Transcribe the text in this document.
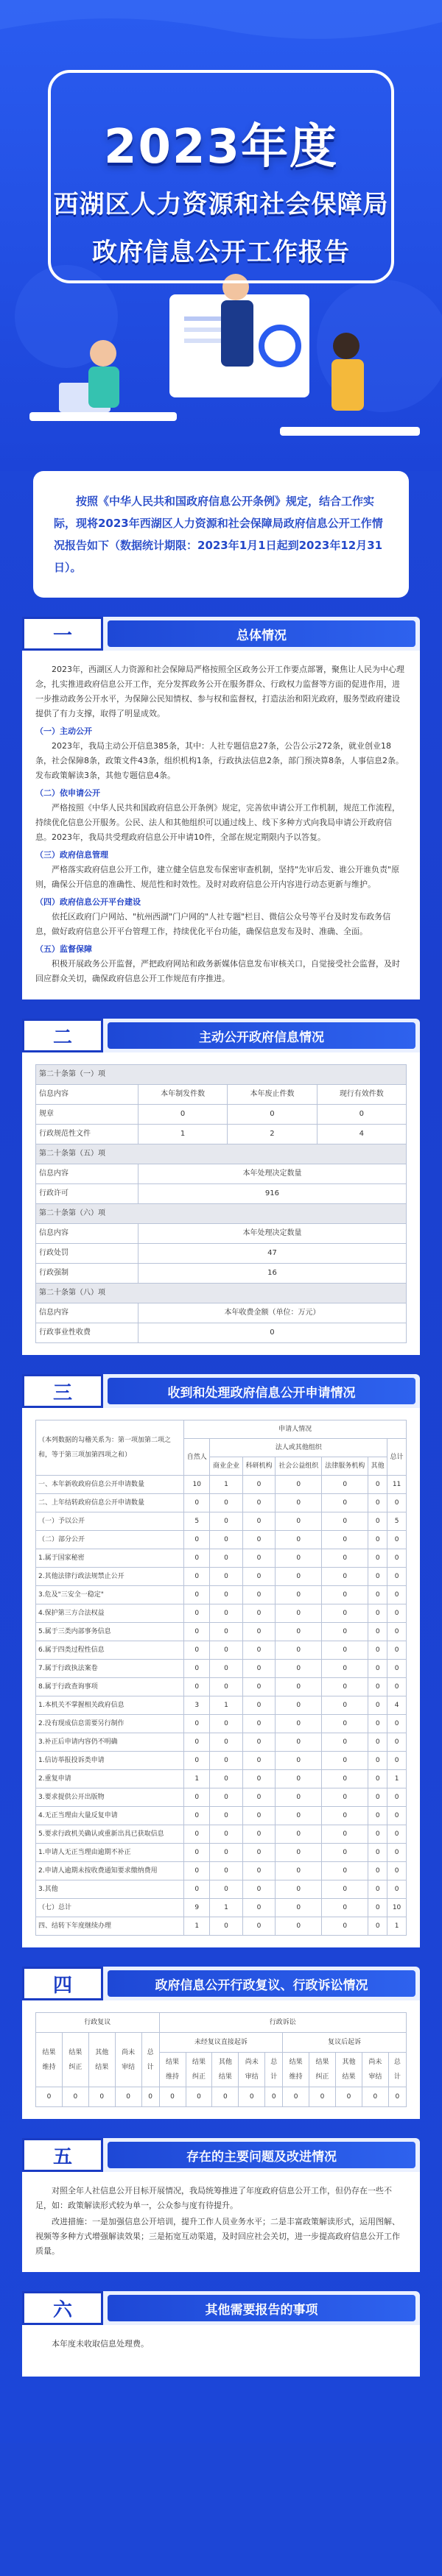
2023年度
西湖区人力资源和社会保障局
政府信息公开工作报告
按照《中华人民共和国政府信息公开条例》规定，结合工作实际，现将2023年西湖区人力资源和社会保障局政府信息公开工作情况报告如下（数据统计期限：2023年1月1日起到2023年12月31日）。
一	总体情况

2023年，西湖区人力资源和社会保障局严格按照全区政务公开工作要点部署，聚焦让人民为中心理念，扎实推进政府信息公开工作，充分发挥政务公开在服务群众、行政权力监督等方面的促进作用，进一步推动政务公开水平，为保障公民知情权、参与权和监督权，打造法治和阳光政府，服务型政府建设提供了有力支撑，取得了明显成效。

（一）主动公开

2023年，我局主动公开信息385条，其中：人社专题信息27条，公告公示272条，就业创业18条，社会保障8条，政策文件43条，组织机构1条，行政执法信息2条，部门预决算8条，人事信息2条。发布政策解读3条，其他专题信息4条。

（二）依申请公开

严格按照《中华人民共和国政府信息公开条例》规定，完善依申请公开工作机制，规范工作流程，持续优化信息公开服务。公民、法人和其他组织可以通过线上、线下多种方式向我局申请公开政府信息。2023年，我局共受理政府信息公开申请10件，全部在规定期限内予以答复。

（三）政府信息管理

严格落实政府信息公开工作，建立健全信息发布保密审查机制，坚持"先审后发、谁公开谁负责"原则，确保公开信息的准确性、规范性和时效性。及时对政府信息公开内容进行动态更新与维护。

（四）政府信息公开平台建设

依托区政府门户网站、"杭州西湖"门户网的"人社专题"栏目、微信公众号等平台及时发布政务信息，做好政府信息公开平台管理工作，持续优化平台功能，确保信息发布及时、准确、全面。

（五）监督保障

积极开展政务公开监督，严把政府网站和政务新媒体信息发布审核关口，自觉接受社会监督，及时回应群众关切，确保政府信息公开工作规范有序推进。

二	主动公开政府信息情况
第二十条第（一）项			
信息内容	本年制发件数	本年废止件数	现行有效件数
规章	0	0	0
行政规范性文件	1	2	4
第二十条第（五）项			
信息内容	本年处理决定数量		
行政许可	916		
第二十条第（六）项			
信息内容	本年处理决定数量		
行政处罚	47		
行政强制	16		
第二十条第（八）项			
信息内容	本年收费金额（单位：万元）		
行政事业性收费	0		
三	收到和处理政府信息公开申请情况
（本列数据的勾稽关系为：第一项加第二项之和，等于第三项加第四项之和）	申请人情况						
	自然人	法人或其他组织					总计
		商业企业	科研机构	社会公益组织	法律服务机构	其他	
一、本年新收政府信息公开申请数量	10	1	0	0	0	0	11
二、上年结转政府信息公开申请数量	0	0	0	0	0	0	0
（一）予以公开	5	0	0	0	0	0	5
（二）部分公开	0	0	0	0	0	0	0
1.属于国家秘密	0	0	0	0	0	0	0
2.其他法律行政法规禁止公开	0	0	0	0	0	0	0
3.危及"三安全一稳定"	0	0	0	0	0	0	0
4.保护第三方合法权益	0	0	0	0	0	0	0
5.属于三类内部事务信息	0	0	0	0	0	0	0
6.属于四类过程性信息	0	0	0	0	0	0	0
7.属于行政执法案卷	0	0	0	0	0	0	0
8.属于行政查询事项	0	0	0	0	0	0	0
1.本机关不掌握相关政府信息	3	1	0	0	0	0	4
2.没有现成信息需要另行制作	0	0	0	0	0	0	0
3.补正后申请内容仍不明确	0	0	0	0	0	0	0
1.信访举报投诉类申请	0	0	0	0	0	0	0
2.重复申请	1	0	0	0	0	0	1
3.要求提供公开出版物	0	0	0	0	0	0	0
4.无正当理由大量反复申请	0	0	0	0	0	0	0
5.要求行政机关确认或重新出具已获取信息	0	0	0	0	0	0	0
1.申请人无正当理由逾期不补正	0	0	0	0	0	0	0
2.申请人逾期未按收费通知要求缴纳费用	0	0	0	0	0	0	0
3.其他	0	0	0	0	0	0	0
（七）总计	9	1	0	0	0	0	10
四、结转下年度继续办理	1	0	0	0	0	0	1
四	政府信息公开行政复议、行政诉讼情况
行政复议					行政诉讼									
结果维持	结果纠正	其他结果	尚未审结	总计	未经复议直接起诉					复议后起诉				
					结果维持	结果纠正	其他结果	尚未审结	总计	结果维持	结果纠正	其他结果	尚未审结	总计
0	0	0	0	0	0	0	0	0	0	0	0	0	0	0
五	存在的主要问题及改进情况

对照全年人社信息公开目标开展情况，我局统筹推进了年度政府信息公开工作，但仍存在一些不足，如：政策解读形式较为单一，公众参与度有待提升。

改进措施：一是加强信息公开培训，提升工作人员业务水平；二是丰富政策解读形式，运用图解、视频等多种方式增强解读效果；三是拓宽互动渠道，及时回应社会关切，进一步提高政府信息公开工作质量。

六	其他需要报告的事项

本年度未收取信息处理费。
